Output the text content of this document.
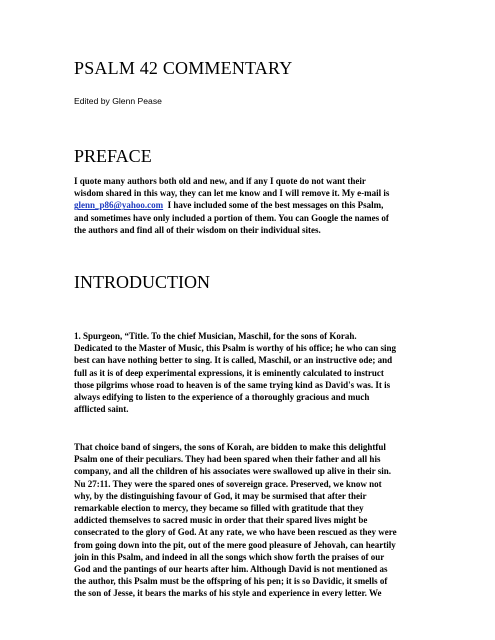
PSALM 42 COMMENTARY

Edited by Glenn Pease

PREFACE
I quote many authors both old and new, and if any I quote do not want their
wisdom shared in this way, they can let me know and I will remove it. My e-mail is
glenn_p86@yahoo.com  I have included some of the best messages on this Psalm,
and sometimes have only included a portion of them. You can Google the names of
the authors and find all of their wisdom on their individual sites.
INTRODUCTION
1. Spurgeon, “Title. To the chief Musician, Maschil, for the sons of Korah.
Dedicated to the Master of Music, this Psalm is worthy of his office; he who can sing
best can have nothing better to sing. It is called, Maschil, or an instructive ode; and
full as it is of deep experimental expressions, it is eminently calculated to instruct
those pilgrims whose road to heaven is of the same trying kind as David's was. It is
always edifying to listen to the experience of a thoroughly gracious and much
afflicted saint.
That choice band of singers, the sons of Korah, are bidden to make this delightful
Psalm one of their peculiars. They had been spared when their father and all his
company, and all the children of his associates were swallowed up alive in their sin.
Nu 27:11. They were the spared ones of sovereign grace. Preserved, we know not
why, by the distinguishing favour of God, it may be surmised that after their
remarkable election to mercy, they became so filled with gratitude that they
addicted themselves to sacred music in order that their spared lives might be
consecrated to the glory of God. At any rate, we who have been rescued as they were
from going down into the pit, out of the mere good pleasure of Jehovah, can heartily
join in this Psalm, and indeed in all the songs which show forth the praises of our
God and the pantings of our hearts after him. Although David is not mentioned as
the author, this Psalm must be the offspring of his pen; it is so Davidic, it smells of
the son of Jesse, it bears the marks of his style and experience in every letter. We
